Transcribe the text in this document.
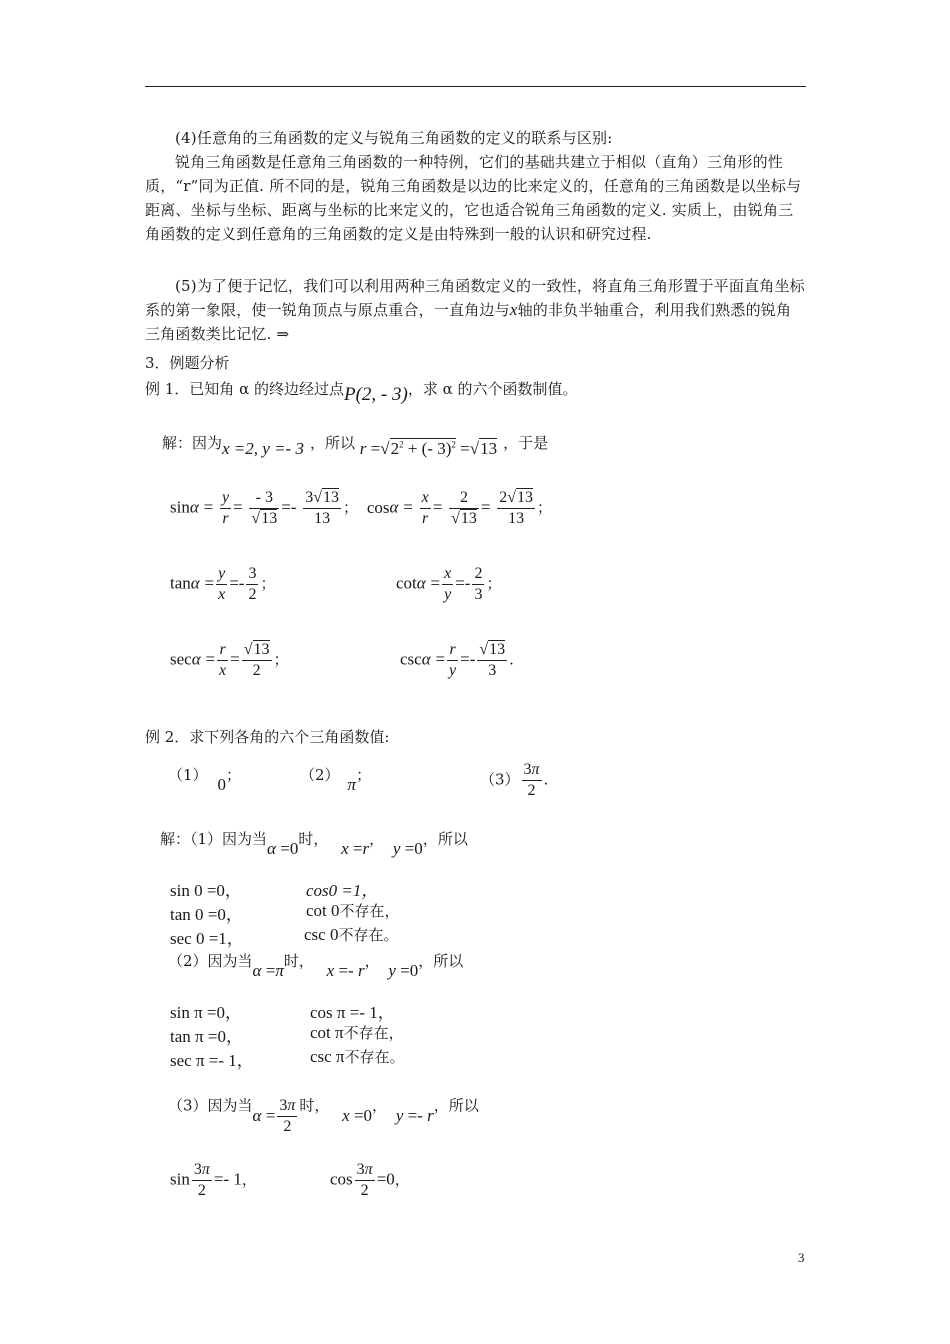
(4)任意角的三角函数的定义与锐角三角函数的定义的联系与区别:
锐角三角函数是任意角三角函数的一种特例，它们的基础共建立于相似（直角）三角形的性质，“r”同为正值. 所不同的是，锐角三角函数是以边的比来定义的，任意角的三角函数是以坐标与距离、坐标与坐标、距离与坐标的比来定义的，它也适合锐角三角函数的定义. 实质上，由锐角三角函数的定义到任意角的三角函数的定义是由特殊到一般的认识和研究过程.
(5)为了便于记忆，我们可以利用两种三角函数定义的一致性，将直角三角形置于平面直角坐标系的第一象限，使一锐角顶点与原点重合，一直角边与x轴的非负半轴重合，利用我们熟悉的锐角三角函数类比记忆. ⇒
3．例题分析
例 1．已知角 α 的终边经过点P(2, - 3)，求 α 的六个函数制值。
解：因为x =2, y =- 3 ，所以 $r =√2^2$ + (- 3)$^2$ =√13 ，于是
$\sin\alpha = \frac{y}{r} = \frac{- 3}{√13} =- \frac{3√13}{13}$ ； $\cos\alpha = \frac{x}{r} = \frac{2}{√13} = \frac{2√13}{13}$ ；
$\tan\alpha = \frac{y}{x} =- \frac{3}{2}$ ；	$\cot\alpha = \frac{x}{y} =- \frac{2}{3}$ ；
$\sec\alpha = \frac{r}{x} = \frac{√13}{2}$ ；	$\csc\alpha = \frac{r}{y} =- \frac{√13}{3}$ .
例 2．求下列各角的六个三角函数值:
（1） 0；	（2） π；	$(3) \frac{3\pi}{2}$ .
解：（1）因为当α =0时， x =r， y =0，所以
sin 0 =0，	cos0 =1，
tan 0 =0，	cot 0不存在，
sec 0 =1，	csc 0不存在。
（2）因为当α =π时， x =- r， y =0，所以
sin π =0，	cos π =- 1，
tan π =0，	cot π不存在，
sec π =- 1，	csc π不存在。
（3）因为当$\alpha = \frac{3\pi}{2}$ 时， x =0， y =- r，所以
$\sin \frac{3\pi}{2} =- 1$，	$\cos \frac{3\pi}{2} =0$，
3
